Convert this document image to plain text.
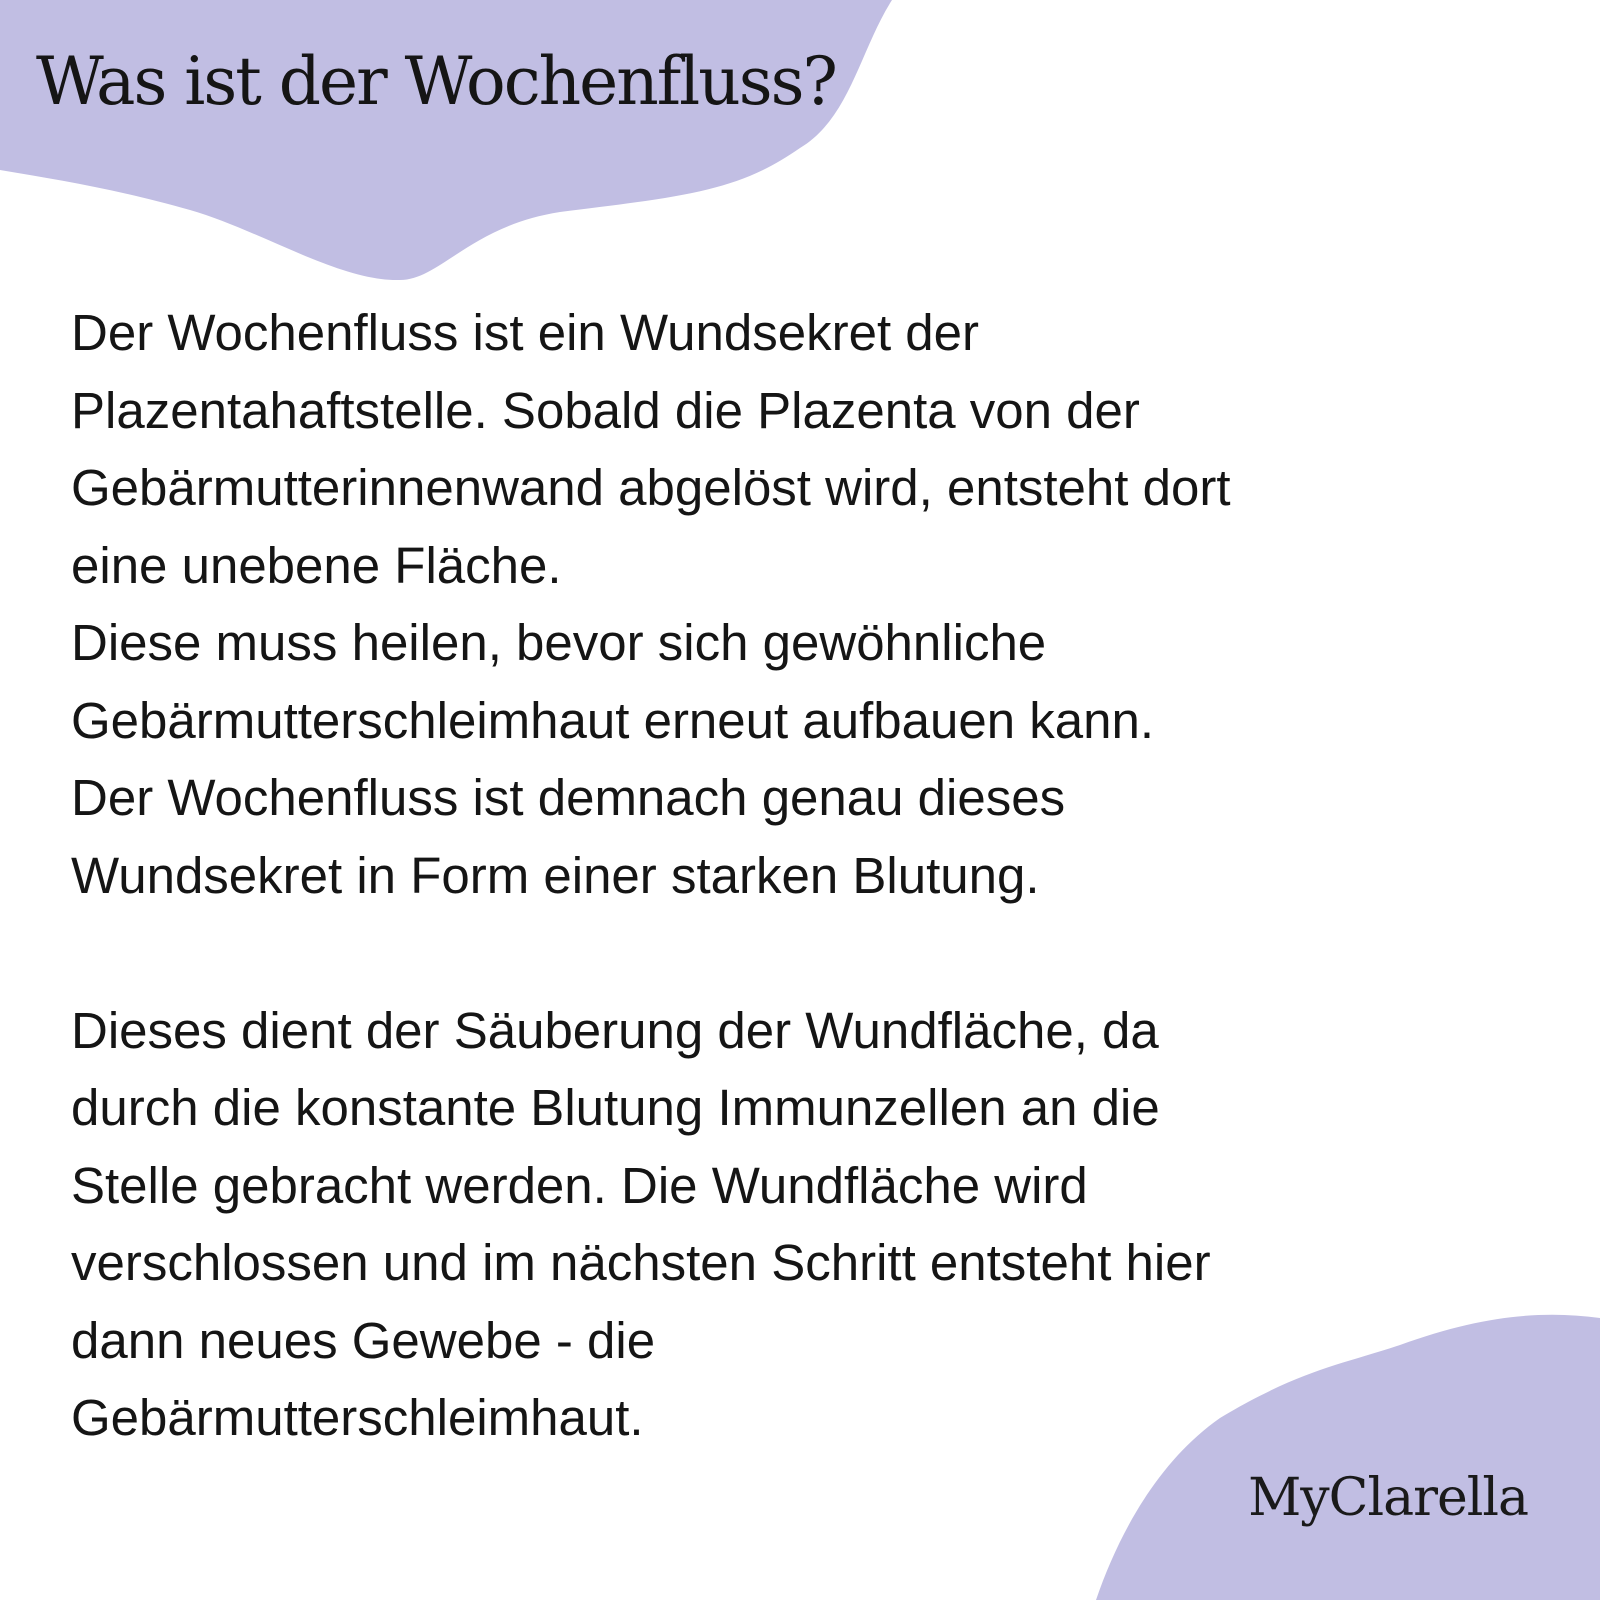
Was ist der Wochenfluss?
Der Wochenfluss ist ein Wundsekret der
Plazentahaftstelle. Sobald die Plazenta von der
Gebärmutterinnenwand abgelöst wird, entsteht dort
eine unebene Fläche.
Diese muss heilen, bevor sich gewöhnliche
Gebärmutterschleimhaut erneut aufbauen kann.
Der Wochenfluss ist demnach genau dieses
Wundsekret in Form einer starken Blutung.
Dieses dient der Säuberung der Wundfläche, da
durch die konstante Blutung Immunzellen an die
Stelle gebracht werden. Die Wundfläche wird
verschlossen und im nächsten Schritt entsteht hier
dann neues Gewebe - die
Gebärmutterschleimhaut.
MyClarella
